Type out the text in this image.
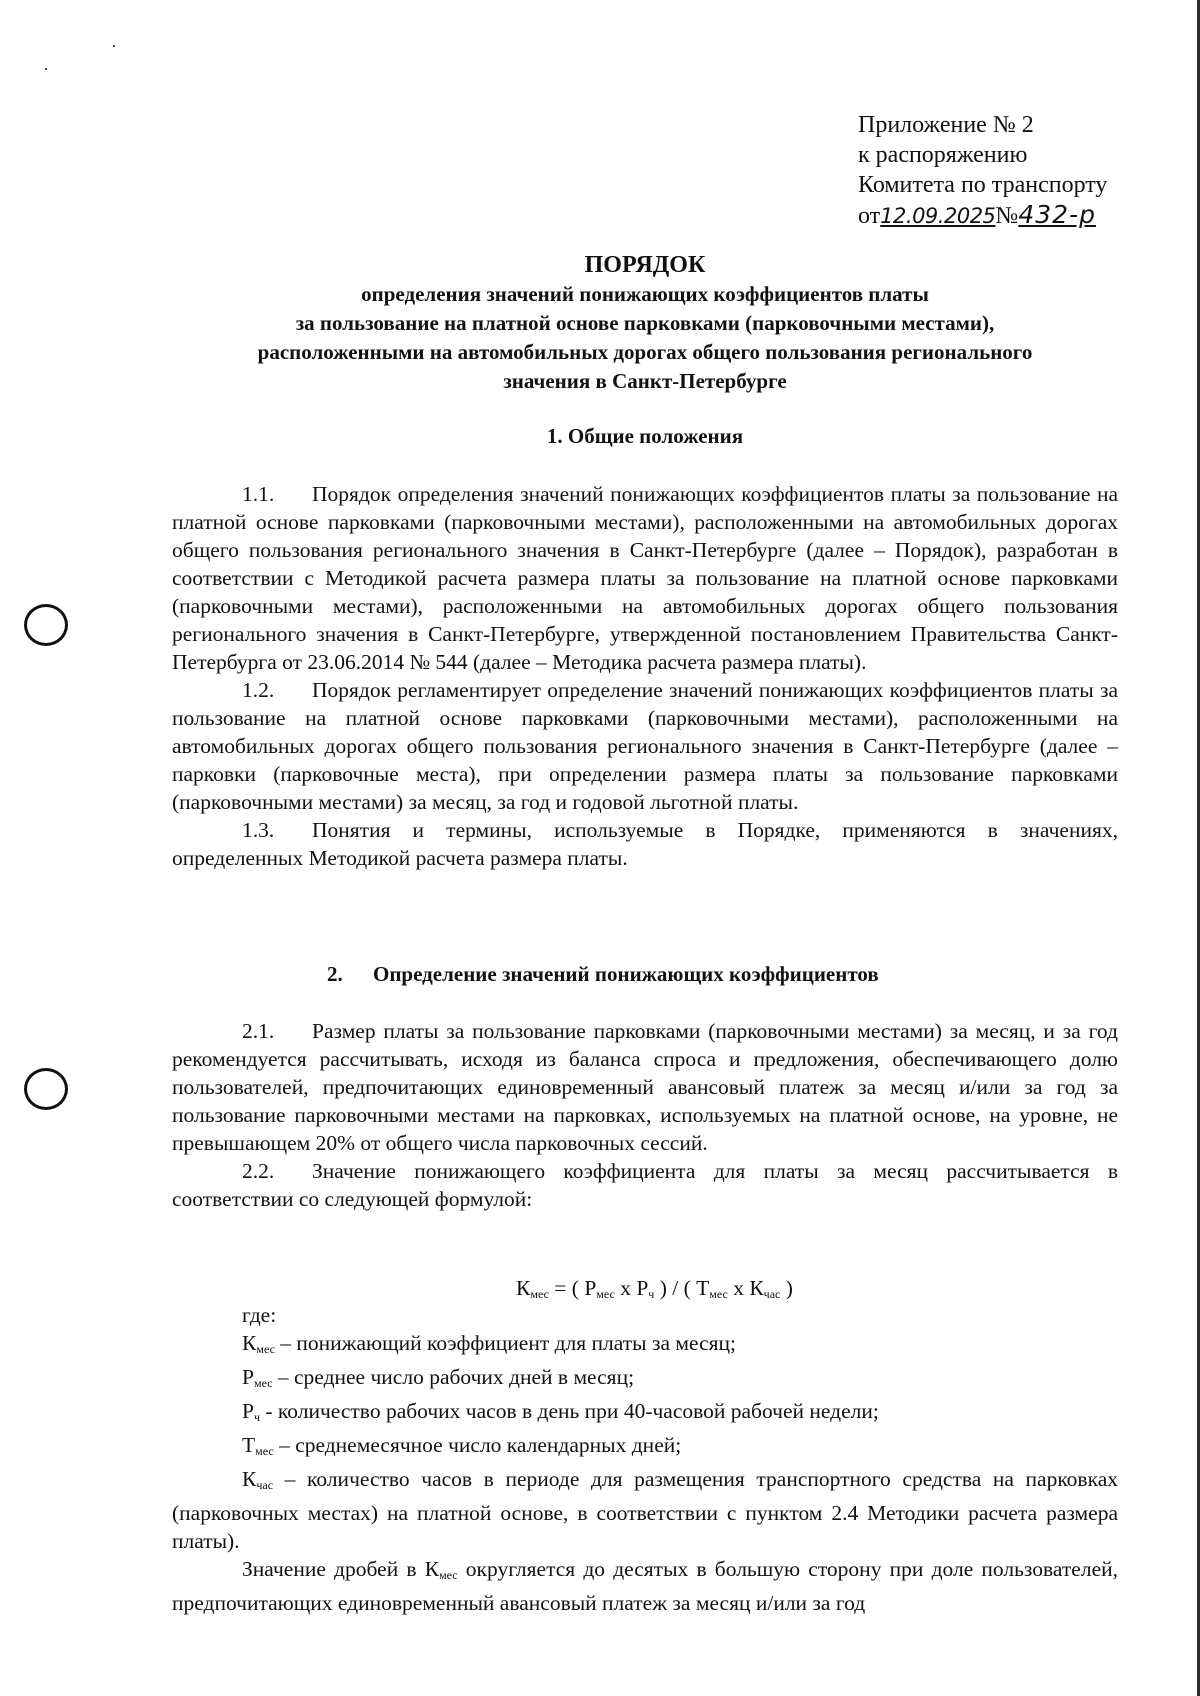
Приложение № 2
к распоряжению
Комитета по транспорту
от12.09.2025№432-р
ПОРЯДОК
определения значений понижающих коэффициентов платы
за пользование на платной основе парковками (парковочными местами),
расположенными на автомобильных дорогах общего пользования регионального
значения в Санкт-Петербурге
1. Общие положения

1.1. Порядок определения значений понижающих коэффициентов платы за пользование на платной основе парковками (парковочными местами), расположенными на автомобильных дорогах общего пользования регионального значения в Санкт-Петербурге (далее – Порядок), разработан в соответствии с Методикой расчета размера платы за пользование на платной основе парковками (парковочными местами), расположенными на автомобильных дорогах общего пользования регионального значения в Санкт-Петербурге, утвержденной постановлением Правительства Санкт-Петербурга от 23.06.2014 № 544 (далее – Методика расчета размера платы).

1.2. Порядок регламентирует определение значений понижающих коэффициентов платы за пользование на платной основе парковками (парковочными местами), расположенными на автомобильных дорогах общего пользования регионального значения в Санкт-Петербурге (далее – парковки (парковочные места), при определении размера платы за пользование парковками (парковочными местами) за месяц, за год и годовой льготной платы.

1.3. Понятия и термины, используемые в Порядке, применяются в значениях, определенных Методикой расчета размера платы.

2. Определение значений понижающих коэффициентов

2.1. Размер платы за пользование парковками (парковочными местами) за месяц, и за год рекомендуется рассчитывать, исходя из баланса спроса и предложения, обеспечивающего долю пользователей, предпочитающих единовременный авансовый платеж за месяц и/или за год за пользование парковочными местами на парковках, используемых на платной основе, на уровне, не превышающем 20% от общего числа парковочных сессий.

2.2. Значение понижающего коэффициента для платы за месяц рассчитывается в соответствии со следующей формулой:

$К_{мес}$ = ( $Р_{мес}$ х $Р_ч$ ) / ( $Т_{мес}$ х $К_{час}$ )
где:
$К_{мес}$ – понижающий коэффициент для платы за месяц;
$Р_{мес}$ – среднее число рабочих дней в месяц;
$Р_ч$ - количество рабочих часов в день при 40-часовой рабочей недели;
$Т_{мес}$ – среднемесячное число календарных дней;

$К_{час}$ – количество часов в периоде для размещения транспортного средства на парковках (парковочных местах) на платной основе, в соответствии с пунктом 2.4 Методики расчета размера платы).

Значение дробей в $К_{мес}$ округляется до десятых в большую сторону при доле пользователей, предпочитающих единовременный авансовый платеж за месяц и/или за год
